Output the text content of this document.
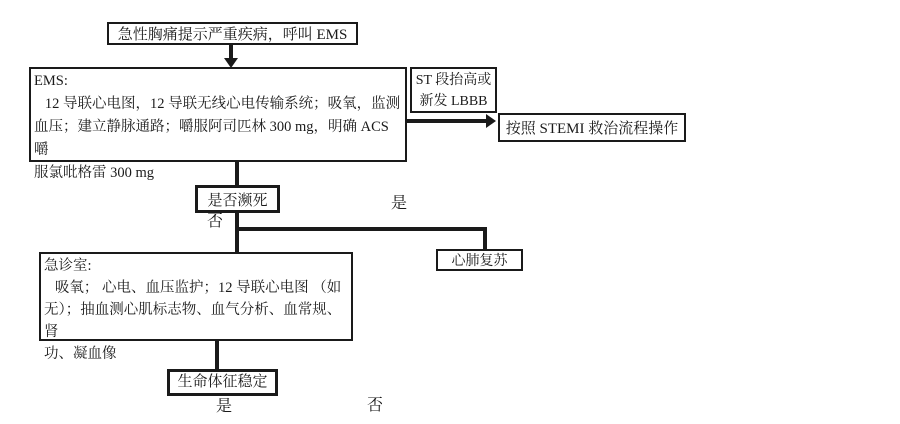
急性胸痛提示严重疾病，呼叫 EMS
EMS:
12 导联心电图，12 导联无线心电传输系统；吸氧，监测
血压；建立静脉通路；嚼服阿司匹林 300 mg，明确 ACS 嚼
服氯吡格雷 300 mg
ST 段抬高或
新发 LBBB
按照 STEMI 救治流程操作
是否濒死
否
是
急诊室:
吸氧； 心电、血压监护；12 导联心电图 （如
无）；抽血测心肌标志物、血气分析、血常规、肾
功、凝血像
心肺复苏
生命体征稳定
是	否
